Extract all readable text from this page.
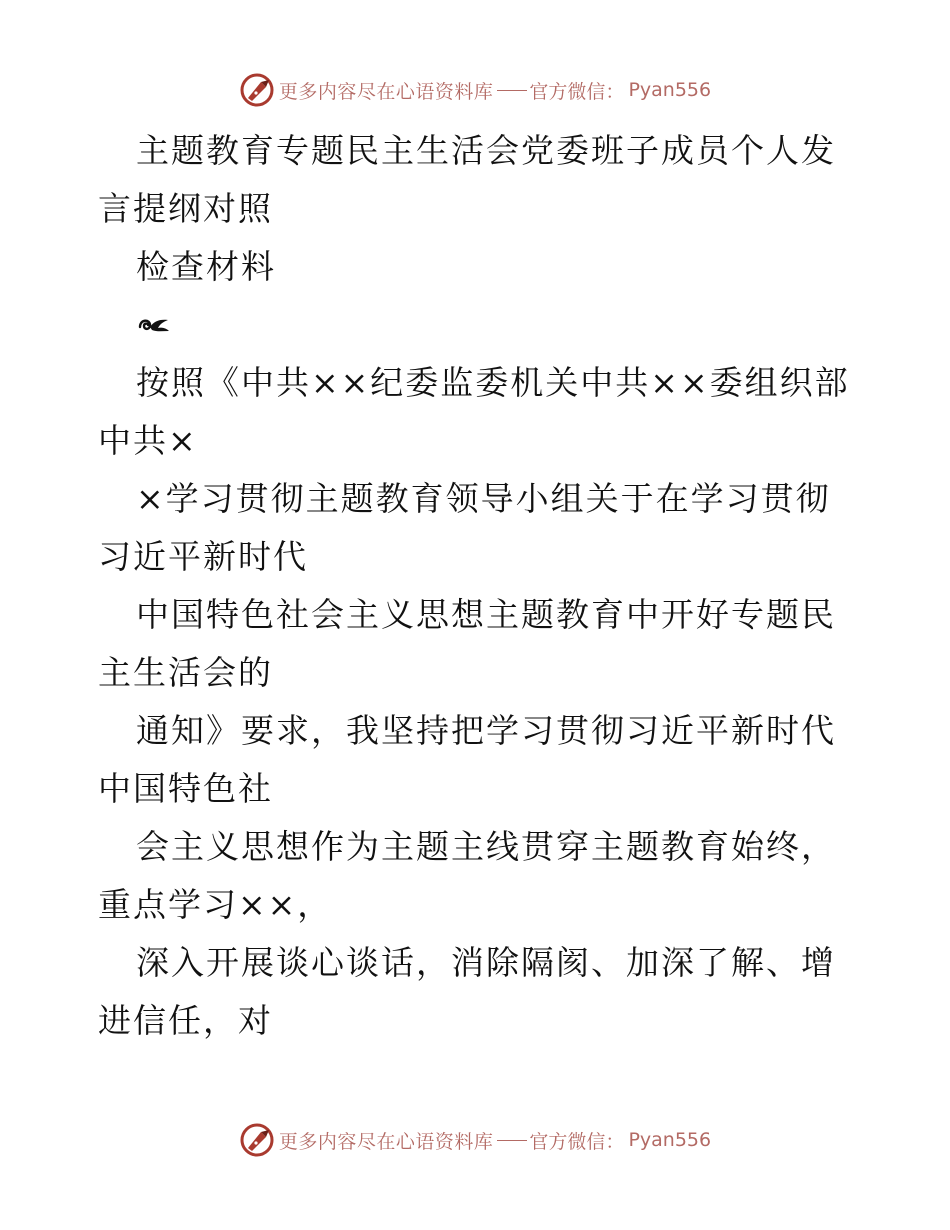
更多内容尽在心语资料库 官方微信： Pyan556

主题教育专题民主生活会党委班子成员个人发言提纲对照

检查材料

按照《中共××纪委监委机关中共××委组织部中共×

×学习贯彻主题教育领导小组关于在学习贯彻习近平新时代

中国特色社会主义思想主题教育中开好专题民主生活会的

通知》要求，我坚持把学习贯彻习近平新时代中国特色社

会主义思想作为主题主线贯穿主题教育始终，重点学习××，

深入开展谈心谈话，消除隔阂、加深了解、增进信任，对

更多内容尽在心语资料库 官方微信： Pyan556
